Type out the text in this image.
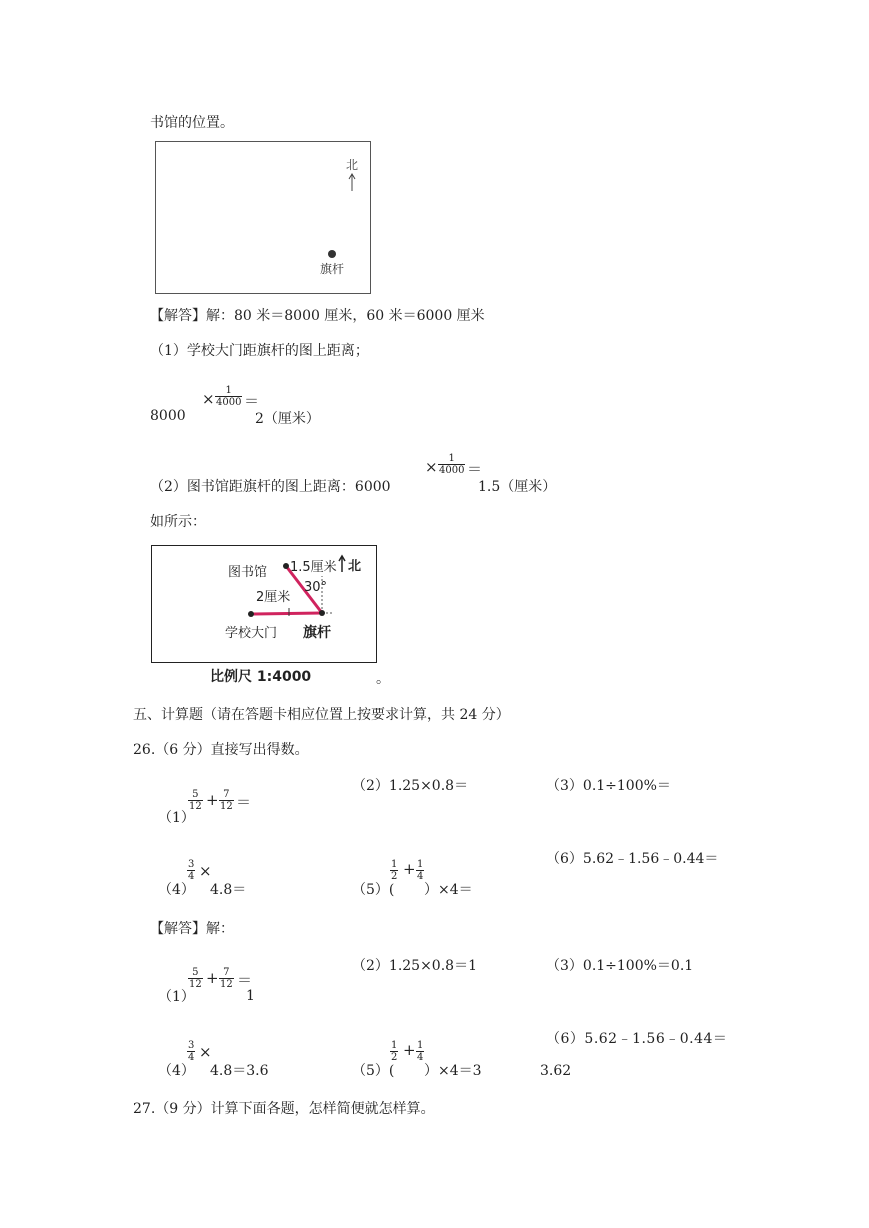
书馆的位置。
北
旗杆
【解答】解：80 米＝8000 厘米，60 米＝6000 厘米
（1）学校大门距旗杆的图上距离；
8000
× $\frac{1}{4000}$ ＝
2（厘米）
（2）图书馆距旗杆的图上距离：6000
× $\frac{1}{4000}$ ＝
1.5（厘米）
如所示：
图书馆 1.5厘米 北
30°
2厘米
学校大门 旗杆
比例尺 1:4000	。
五、计算题（请在答题卡相应位置上按要求计算，共 24 分）
26.（6 分）直接写出得数。
（1）
$\frac{5}{12} + \frac{7}{12}$ ＝
（2）1.25×0.8＝	（3）0.1÷100%＝
（4）
$\frac{3}{4}$ ×
4.8＝	（5）(
$\frac{1}{2} + \frac{1}{4}$
）×4＝
（6）5.62﹣1.56﹣0.44＝
【解答】解：
（1）
$\frac{5}{12} + \frac{7}{12}$ ＝
1
（2）1.25×0.8＝1	（3）0.1÷100%＝0.1
（4）
$\frac{3}{4}$ ×
4.8＝3.6	（5）(
$\frac{1}{2} + \frac{1}{4}$
）×4＝3
（6）5.62﹣1.56﹣0.44＝
3.62
27.（9 分）计算下面各题，怎样简便就怎样算。
